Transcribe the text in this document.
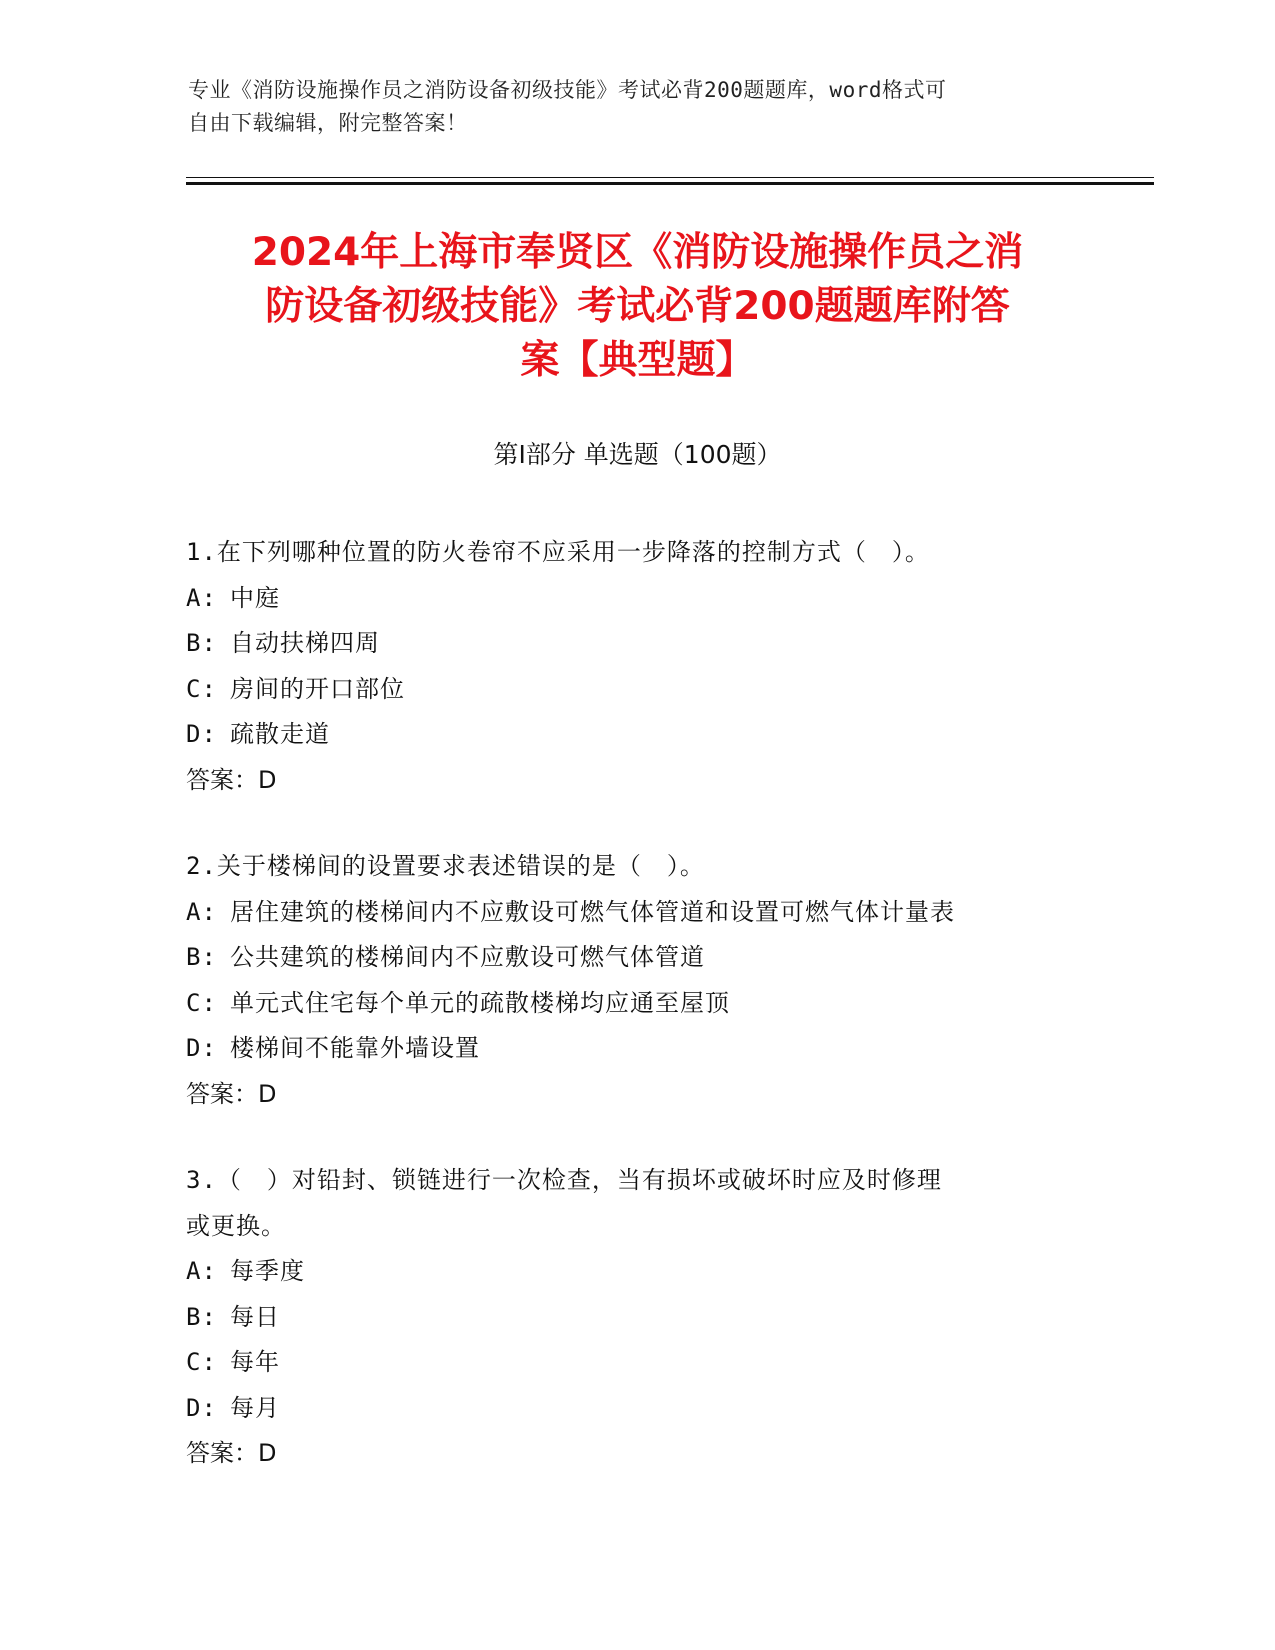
专业《消防设施操作员之消防设备初级技能》考试必背200题题库，word格式可
自由下载编辑，附完整答案！
2024年上海市奉贤区《消防设施操作员之消
防设备初级技能》考试必背200题题库附答
案【典型题】
第Ⅰ部分 单选题（100题）
1.在下列哪种位置的防火卷帘不应采用一步降落的控制方式（　）。
A: 中庭
B: 自动扶梯四周
C: 房间的开口部位
D: 疏散走道
答案：D
2.关于楼梯间的设置要求表述错误的是（　）。
A: 居住建筑的楼梯间内不应敷设可燃气体管道和设置可燃气体计量表
B: 公共建筑的楼梯间内不应敷设可燃气体管道
C: 单元式住宅每个单元的疏散楼梯均应通至屋顶
D: 楼梯间不能靠外墙设置
答案：D
3.（　）对铅封、锁链进行一次检查，当有损坏或破坏时应及时修理
或更换。
A: 每季度
B: 每日
C: 每年
D: 每月
答案：D
